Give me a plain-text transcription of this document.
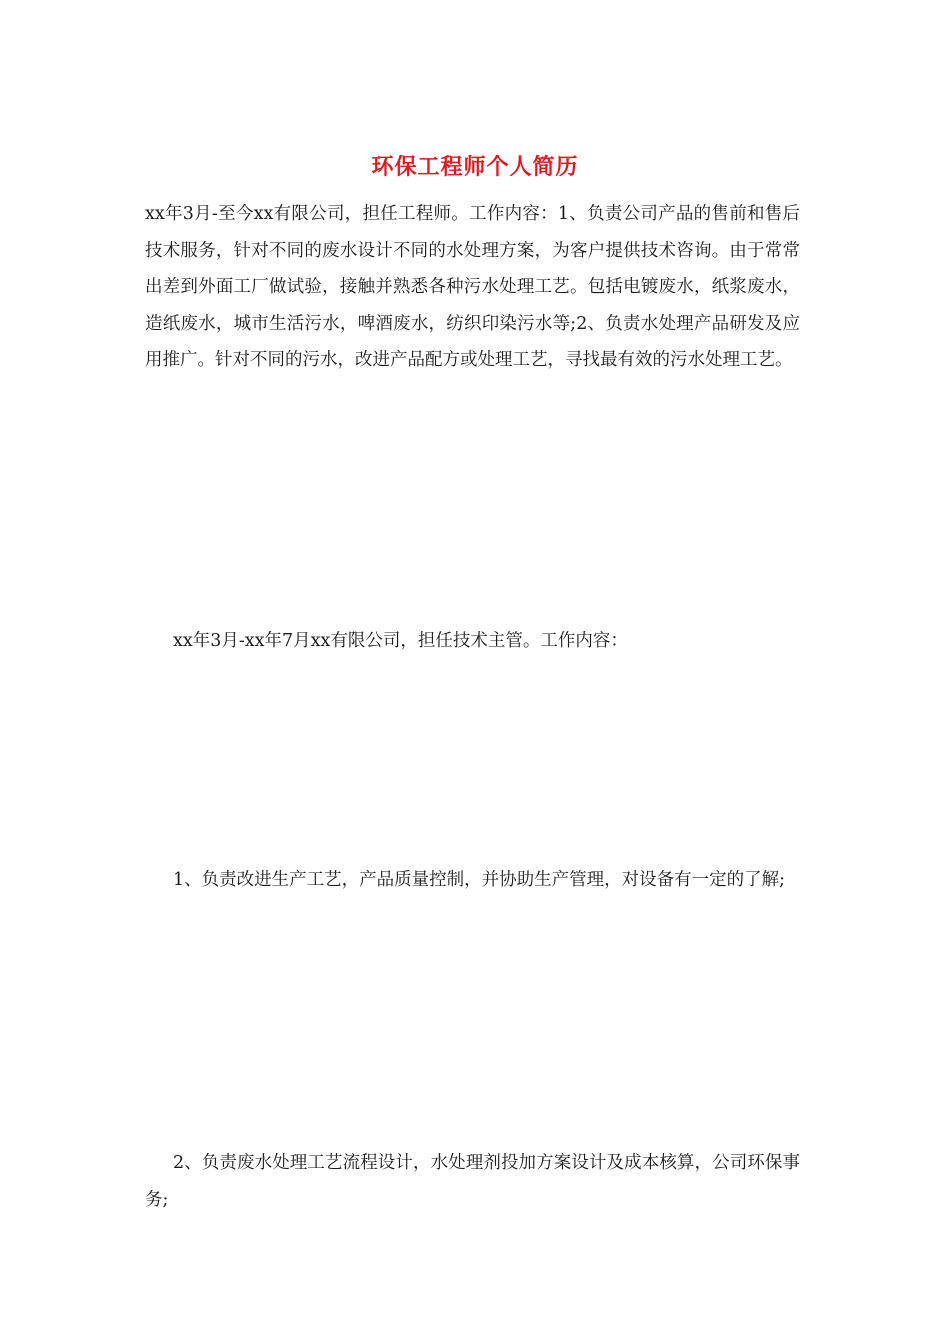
环保工程师个人简历
xx年3月-至今xx有限公司，担任工程师。工作内容：1、负责公司产品的售前和售后技术服务，针对不同的废水设计不同的水处理方案，为客户提供技术咨询。由于常常出差到外面工厂做试验，接触并熟悉各种污水处理工艺。包括电镀废水，纸浆废水，造纸废水，城市生活污水，啤酒废水，纺织印染污水等;2、负责水处理产品研发及应用推广。针对不同的污水，改进产品配方或处理工艺，寻找最有效的污水处理工艺。
xx年3月-xx年7月xx有限公司，担任技术主管。工作内容：
1、负责改进生产工艺，产品质量控制，并协助生产管理，对设备有一定的了解;
2、负责废水处理工艺流程设计，水处理剂投加方案设计及成本核算，公司环保事务;
